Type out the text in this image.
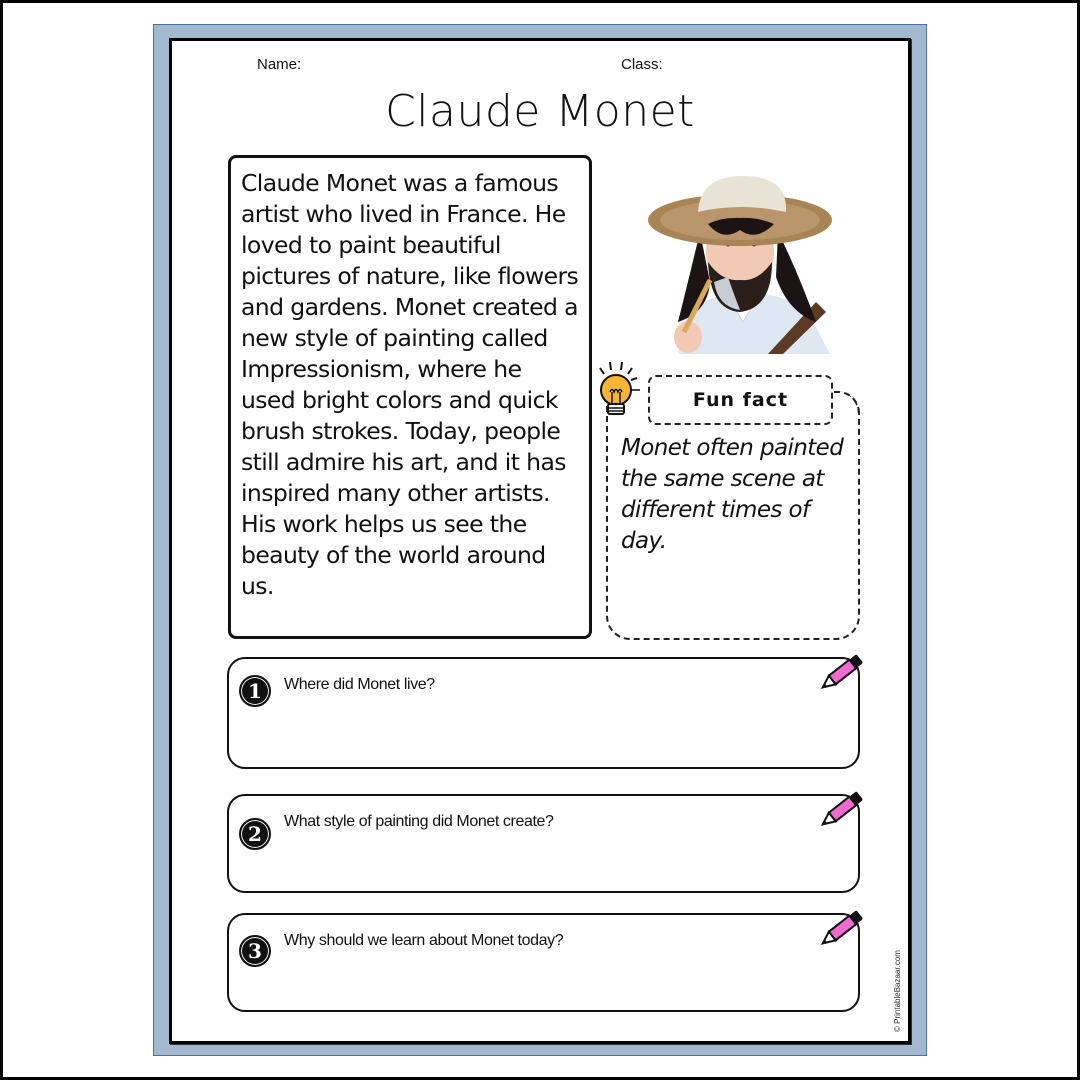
Name:	Class:
Claude Monet

Claude Monet was a famous artist who lived in France. He loved to paint beautiful pictures of nature, like flowers and gardens. Monet created a new style of painting called Impressionism, where he used bright colors and quick brush strokes. Today, people still admire his art, and it has inspired many other artists. His work helps us see the beauty of the world around us.

Fun fact
Monet often painted the same scene at different times of day.
1	Where did Monet live?
2
What style of painting did Monet create?
3	Why should we learn about Monet today?
© PrintableBazaar.com
